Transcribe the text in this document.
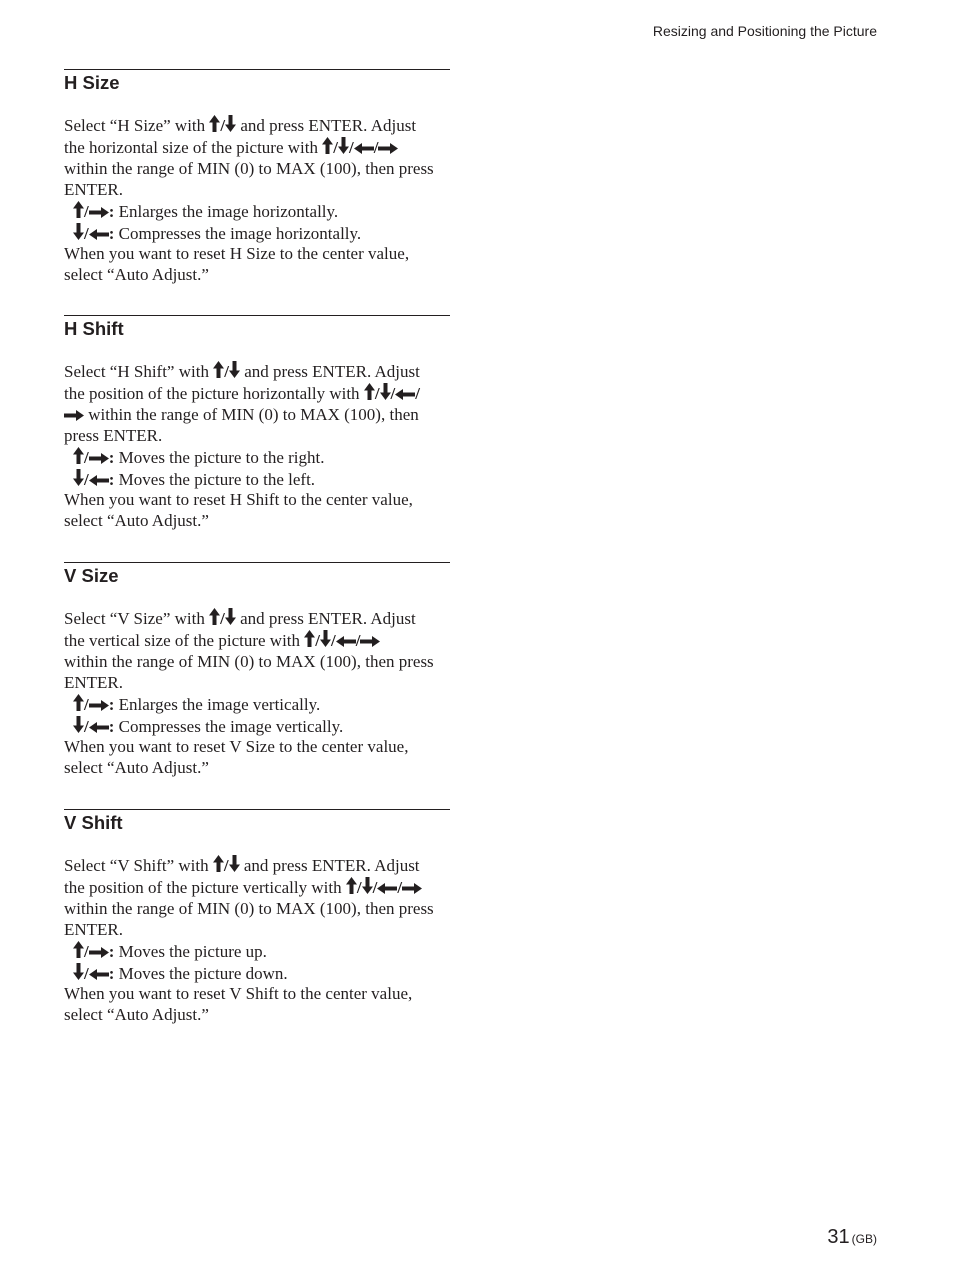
Resizing and Positioning the Picture
H Size
Select “H Size” with / and press ENTER. Adjust
the horizontal size of the picture with / / /
within the range of MIN (0) to MAX (100), then press
ENTER.
/ : Enlarges the image horizontally.
/ : Compresses the image horizontally.
When you want to reset H Size to the center value,
select “Auto Adjust.”
H Shift
Select “H Shift” with / and press ENTER. Adjust
the position of the picture horizontally with / / /
within the range of MIN (0) to MAX (100), then
press ENTER.
/ : Moves the picture to the right.
/ : Moves the picture to the left.
When you want to reset H Shift to the center value,
select “Auto Adjust.”
V Size
Select “V Size” with / and press ENTER. Adjust
the vertical size of the picture with / / /
within the range of MIN (0) to MAX (100), then press
ENTER.
/ : Enlarges the image vertically.
/ : Compresses the image vertically.
When you want to reset V Size to the center value,
select “Auto Adjust.”
V Shift
Select “V Shift” with / and press ENTER. Adjust
the position of the picture vertically with / / /
within the range of MIN (0) to MAX (100), then press
ENTER.
/ : Moves the picture up.
/ : Moves the picture down.
When you want to reset V Shift to the center value,
select “Auto Adjust.”
31 (GB)
